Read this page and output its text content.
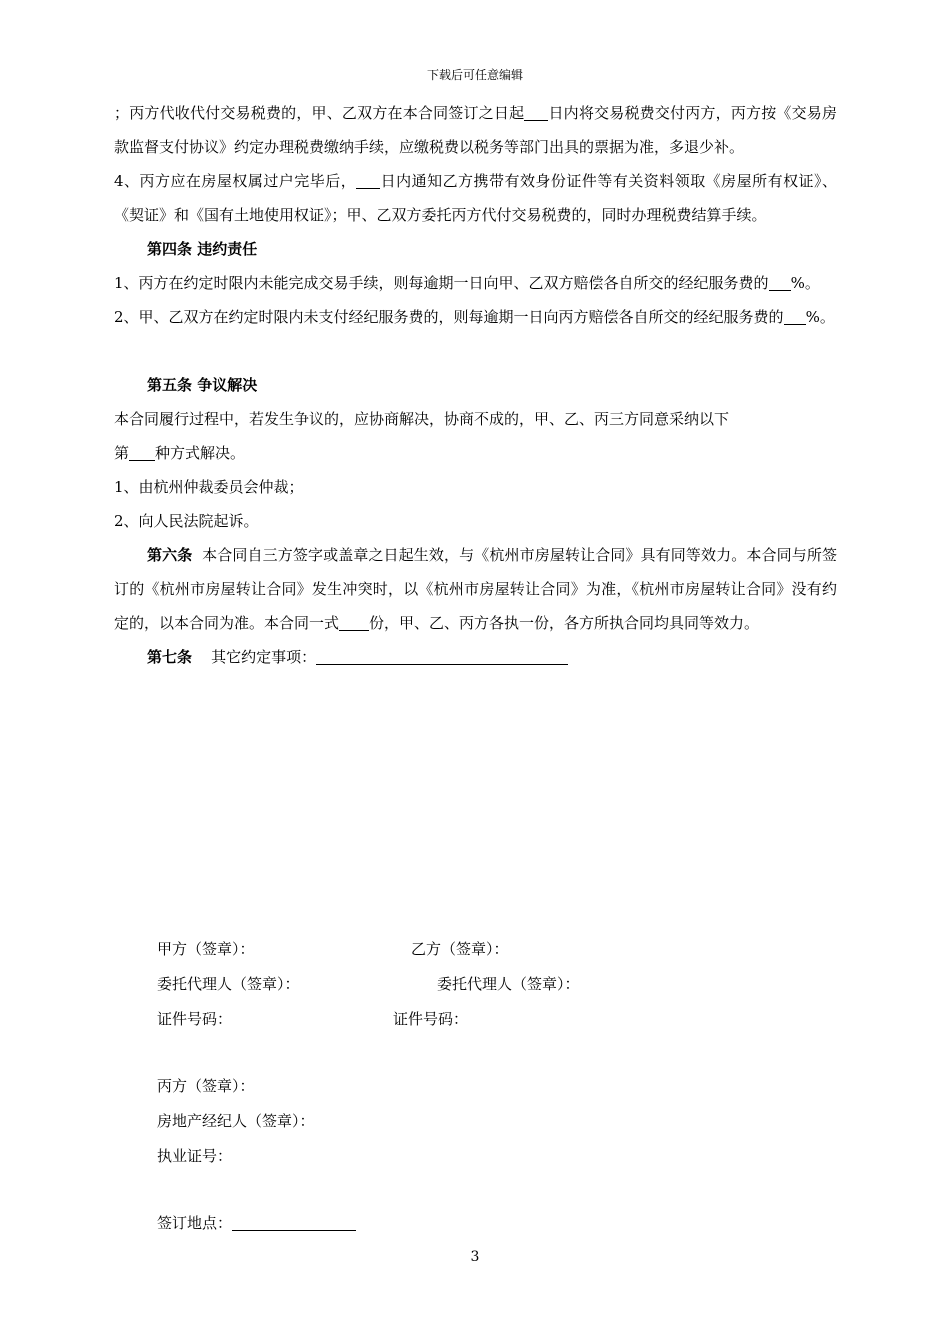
下载后可任意编辑

；丙方代收代付交易税费的，甲、乙双方在本合同签订之日起 日内将交易税费交付丙方，丙方按《交易房款监督支付协议》约定办理税费缴纳手续，应缴税费以税务等部门出具的票据为准，多退少补。

4、丙方应在房屋权属过户完毕后， 日内通知乙方携带有效身份证件等有关资料领取《房屋所有权证》、《契证》和《国有土地使用权证》；甲、乙双方委托丙方代付交易税费的，同时办理税费结算手续。

第四条 违约责任

1、丙方在约定时限内未能完成交易手续，则每逾期一日向甲、乙双方赔偿各自所交的经纪服务费的 %。

2、甲、乙双方在约定时限内未支付经纪服务费的，则每逾期一日向丙方赔偿各自所交的经纪服务费的 %。

第五条 争议解决

本合同履行过程中，若发生争议的，应协商解决，协商不成的，甲、乙、丙三方同意采纳以下

第 种方式解决。

1、由杭州仲裁委员会仲裁；

2、向人民法院起诉。

第六条 本合同自三方签字或盖章之日起生效，与《杭州市房屋转让合同》具有同等效力。本合同与所签订的《杭州市房屋转让合同》发生冲突时，以《杭州市房屋转让合同》为准，《杭州市房屋转让合同》没有约定的，以本合同为准。本合同一式 份，甲、乙、丙方各执一份，各方所执合同均具同等效力。

第七条 其它约定事项：

甲方（签章）：	乙方（签章）：
委托代理人（签章）：	委托代理人（签章）：
证件号码：	证件号码：
丙方（签章）：
房地产经纪人（签章）：
执业证号：
签订地点：
3
